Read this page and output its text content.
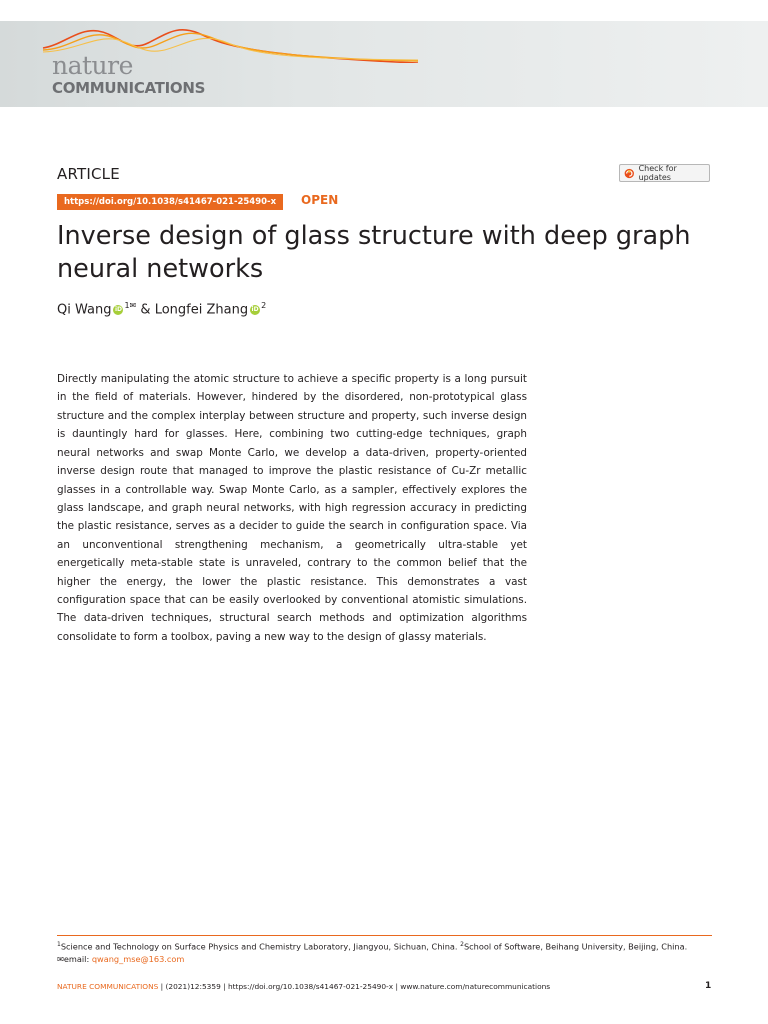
nature
COMMUNICATIONS
ARTICLE	Check for updates
https://doi.org/10.1038/s41467-021-25490-x OPEN
Inverse design of glass structure with deep graph neural networks
Qi Wang iD $^{1✉}$ & Longfei Zhang iD $^2$

Directly manipulating the atomic structure to achieve a specific property is a long pursuit in the field of materials. However, hindered by the disordered, non-prototypical glass structure and the complex interplay between structure and property, such inverse design is dauntingly hard for glasses. Here, combining two cutting-edge techniques, graph neural networks and swap Monte Carlo, we develop a data-driven, property-oriented inverse design route that managed to improve the plastic resistance of Cu-Zr metallic glasses in a controllable way. Swap Monte Carlo, as a sampler, effectively explores the glass landscape, and graph neural networks, with high regression accuracy in predicting the plastic resistance, serves as a decider to guide the search in configuration space. Via an unconventional strengthening mechanism, a geometrically ultra-stable yet energetically meta-stable state is unraveled, contrary to the common belief that the higher the energy, the lower the plastic resistance. This demonstrates a vast configuration space that can be easily overlooked by conventional atomistic simulations. The data-driven techniques, structural search methods and optimization algorithms consolidate to form a toolbox, paving a new way to the design of glassy materials.

$^1$Science and Technology on Surface Physics and Chemistry Laboratory, Jiangyou, Sichuan, China. $^2$School of Software, Beihang University, Beijing, China.
✉email: qwang_mse@163.com
NATURE COMMUNICATIONS | (2021)12:5359 | https://doi.org/10.1038/s41467-021-25490-x | www.nature.com/naturecommunications	1
